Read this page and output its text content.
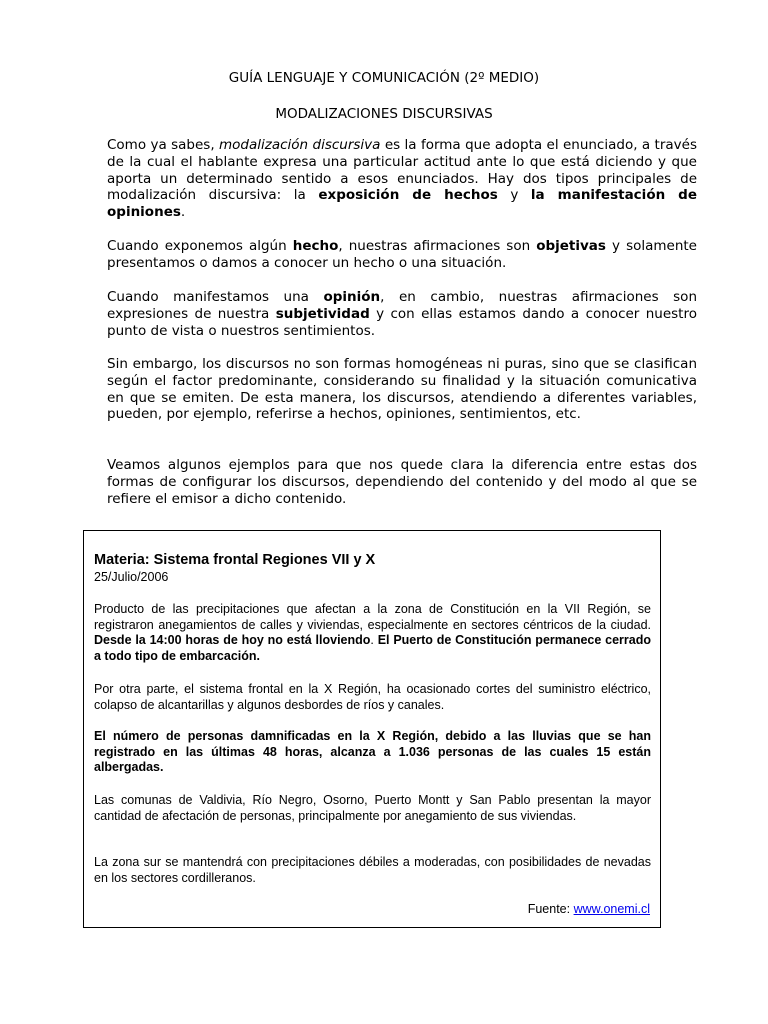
GUÍA LENGUAJE Y COMUNICACIÓN (2º MEDIO)
MODALIZACIONES DISCURSIVAS

Como ya sabes, modalización discursiva es la forma que adopta el enunciado, a través de la cual el hablante expresa una particular actitud ante lo que está diciendo y que aporta un determinado sentido a esos enunciados. Hay dos tipos principales de modalización discursiva: la exposición de hechos y la manifestación de opiniones.

Cuando exponemos algún hecho, nuestras afirmaciones son objetivas y solamente presentamos o damos a conocer un hecho o una situación.

Cuando manifestamos una opinión, en cambio, nuestras afirmaciones son expresiones de nuestra subjetividad y con ellas estamos dando a conocer nuestro punto de vista o nuestros sentimientos.

Sin embargo, los discursos no son formas homogéneas ni puras, sino que se clasifican según el factor predominante, considerando su finalidad y la situación comunicativa en que se emiten. De esta manera, los discursos, atendiendo a diferentes variables, pueden, por ejemplo, referirse a hechos, opiniones, sentimientos, etc.

Veamos algunos ejemplos para que nos quede clara la diferencia entre estas dos formas de configurar los discursos, dependiendo del contenido y del modo al que se refiere el emisor a dicho contenido.

Materia: Sistema frontal Regiones VII y X

25/Julio/2006

Producto de las precipitaciones que afectan a la zona de Constitución en la VII Región, se registraron anegamientos de calles y viviendas, especialmente en sectores céntricos de la ciudad. Desde la 14:00 horas de hoy no está lloviendo. El Puerto de Constitución permanece cerrado a todo tipo de embarcación.

Por otra parte, el sistema frontal en la X Región, ha ocasionado cortes del suministro eléctrico, colapso de alcantarillas y algunos desbordes de ríos y canales.

El número de personas damnificadas en la X Región, debido a las lluvias que se han registrado en las últimas 48 horas, alcanza a 1.036 personas de las cuales 15 están albergadas.

Las comunas de Valdivia, Río Negro, Osorno, Puerto Montt y San Pablo presentan la mayor cantidad de afectación de personas, principalmente por anegamiento de sus viviendas.

La zona sur se mantendrá con precipitaciones débiles a moderadas, con posibilidades de nevadas en los sectores cordilleranos.

Fuente: www.onemi.cl
